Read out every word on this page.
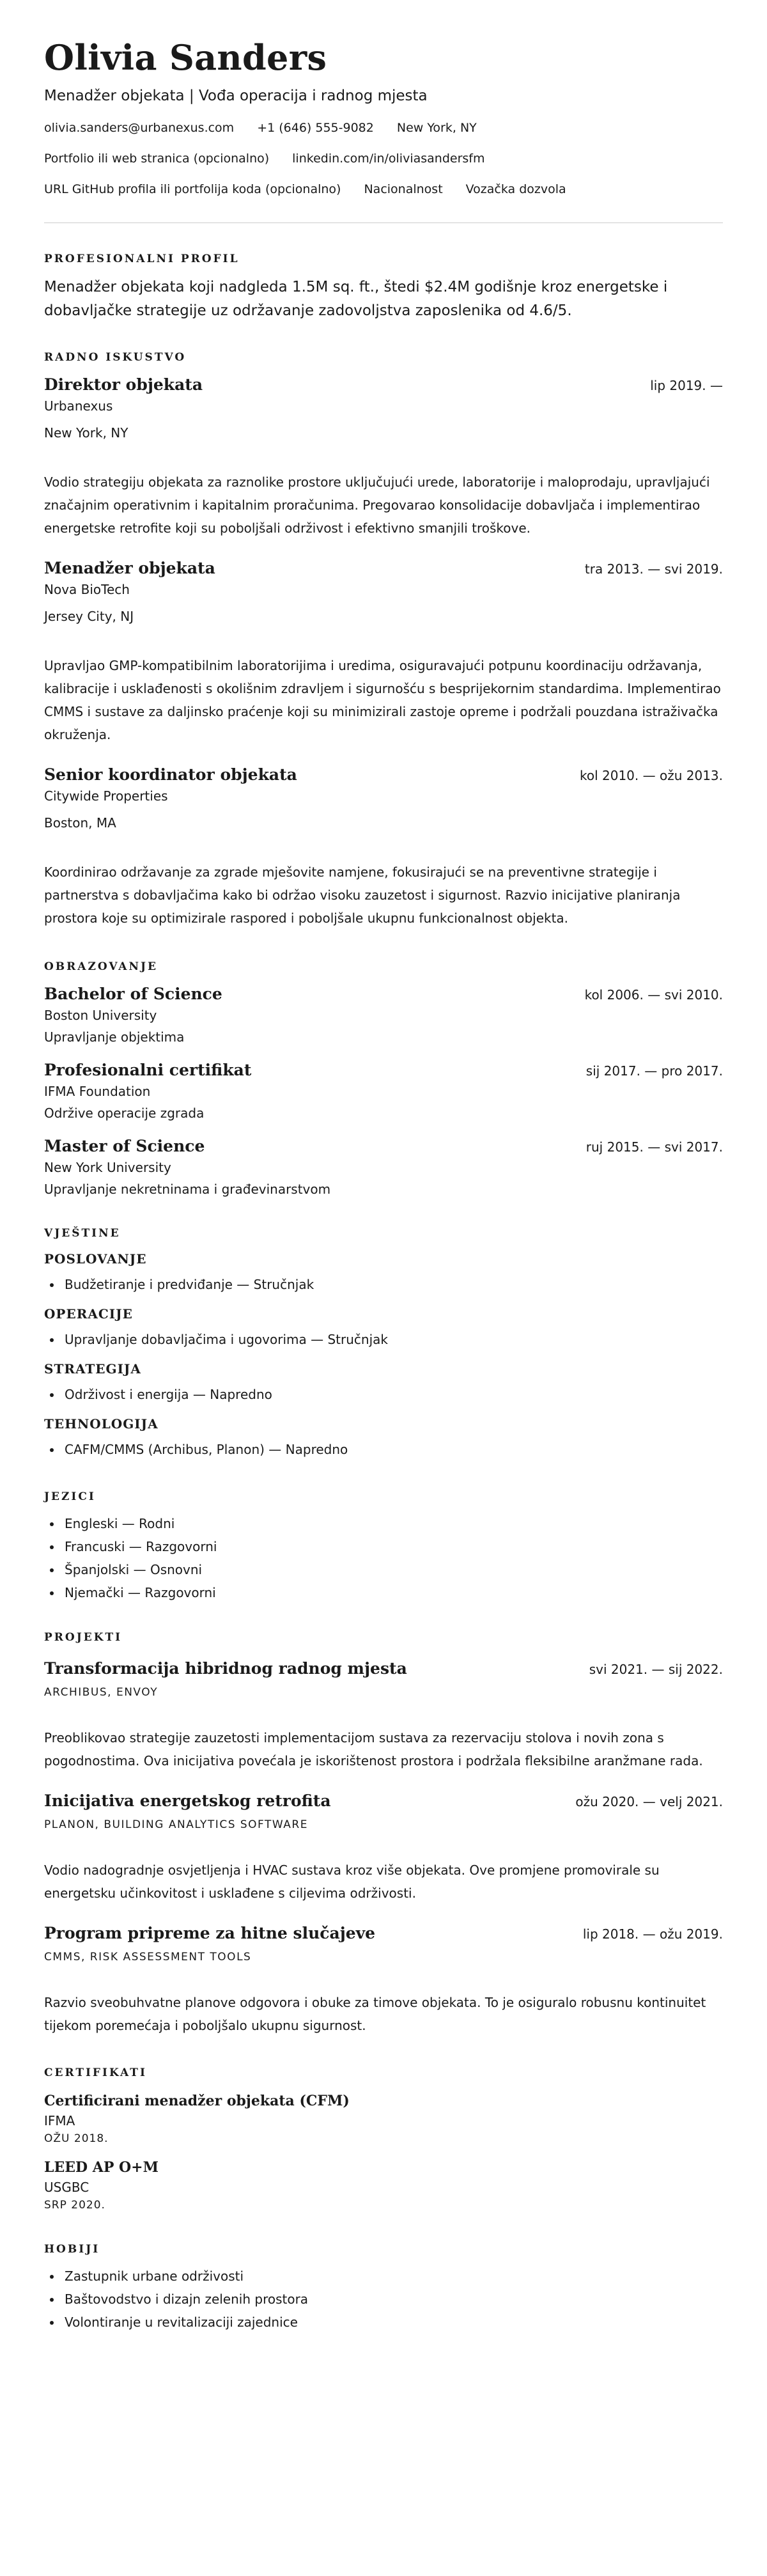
Olivia Sanders
Menadžer objekata | Vođa operacija i radnog mjesta
olivia.sanders@urbanexus.com +1 (646) 555-9082 New York, NY
Portfolio ili web stranica (opcionalno) linkedin.com/in/oliviasandersfm
URL GitHub profila ili portfolija koda (opcionalno) Nacionalnost Vozačka dozvola
PROFESIONALNI PROFIL
Menadžer objekata koji nadgleda 1.5M sq. ft., štedi $2.4M godišnje kroz energetske i dobavljačke strategije uz održavanje zadovoljstva zaposlenika od 4.6/5.
RADNO ISKUSTVO
Direktor objekata	lip 2019. —
Urbanexus
New York, NY
Vodio strategiju objekata za raznolike prostore uključujući urede, laboratorije i maloprodaju, upravljajući značajnim operativnim i kapitalnim proračunima. Pregovarao konsolidacije dobavljača i implementirao energetske retrofite koji su poboljšali održivost i efektivno smanjili troškove.
Menadžer objekata	tra 2013. — svi 2019.
Nova BioTech
Jersey City, NJ
Upravljao GMP-kompatibilnim laboratorijima i uredima, osiguravajući potpunu koordinaciju održavanja, kalibracije i usklađenosti s okolišnim zdravljem i sigurnošću s besprijekornim standardima. Implementirao CMMS i sustave za daljinsko praćenje koji su minimizirali zastoje opreme i podržali pouzdana istraživačka okruženja.
Senior koordinator objekata	kol 2010. — ožu 2013.
Citywide Properties
Boston, MA
Koordinirao održavanje za zgrade mješovite namjene, fokusirajući se na preventivne strategije i partnerstva s dobavljačima kako bi održao visoku zauzetost i sigurnost. Razvio inicijative planiranja prostora koje su optimizirale raspored i poboljšale ukupnu funkcionalnost objekta.
OBRAZOVANJE
Bachelor of Science	kol 2006. — svi 2010.
Boston University
Upravljanje objektima
Profesionalni certifikat	sij 2017. — pro 2017.
IFMA Foundation
Održive operacije zgrada
Master of Science	ruj 2015. — svi 2017.
New York University
Upravljanje nekretninama i građevinarstvom
VJEŠTINE
POSLOVANJE
• Budžetiranje i predviđanje — Stručnjak
OPERACIJE
• Upravljanje dobavljačima i ugovorima — Stručnjak
STRATEGIJA
• Održivost i energija — Napredno
TEHNOLOGIJA
• CAFM/CMMS (Archibus, Planon) — Napredno
JEZICI
• Engleski — Rodni
• Francuski — Razgovorni
• Španjolski — Osnovni
• Njemački — Razgovorni
PROJEKTI
Transformacija hibridnog radnog mjesta	svi 2021. — sij 2022.
ARCHIBUS, ENVOY
Preoblikovao strategije zauzetosti implementacijom sustava za rezervaciju stolova i novih zona s pogodnostima. Ova inicijativa povećala je iskorištenost prostora i podržala fleksibilne aranžmane rada.
Inicijativa energetskog retrofita	ožu 2020. — velj 2021.
PLANON, BUILDING ANALYTICS SOFTWARE
Vodio nadogradnje osvjetljenja i HVAC sustava kroz više objekata. Ove promjene promovirale su energetsku učinkovitost i usklađene s ciljevima održivosti.
Program pripreme za hitne slučajeve	lip 2018. — ožu 2019.
CMMS, RISK ASSESSMENT TOOLS
Razvio sveobuhvatne planove odgovora i obuke za timove objekata. To je osiguralo robusnu kontinuitet tijekom poremećaja i poboljšalo ukupnu sigurnost.
CERTIFIKATI
Certificirani menadžer objekata (CFM)
IFMA
OŽU 2018.
LEED AP O+M
USGBC
SRP 2020.
HOBIJI
• Zastupnik urbane održivosti
• Baštovodstvo i dizajn zelenih prostora
• Volontiranje u revitalizaciji zajednice
